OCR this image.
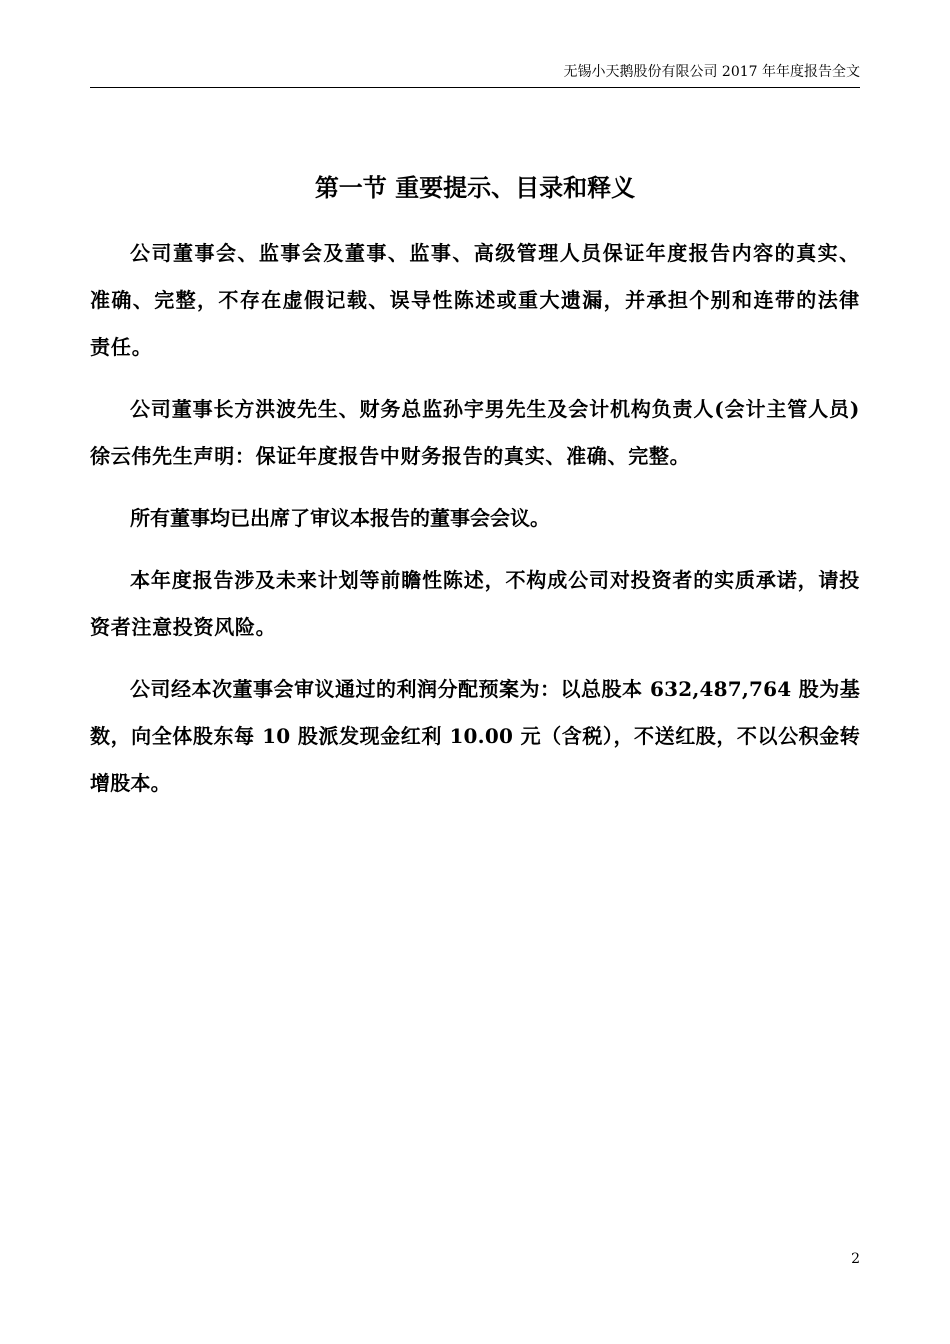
无锡小天鹅股份有限公司 2017 年年度报告全文
第一节 重要提示、目录和释义

公司董事会、监事会及董事、监事、高级管理人员保证年度报告内容的真实、准确、完整，不存在虚假记载、误导性陈述或重大遗漏，并承担个别和连带的法律责任。

公司董事长方洪波先生、财务总监孙宇男先生及会计机构负责人(会计主管人员)徐云伟先生声明：保证年度报告中财务报告的真实、准确、完整。

所有董事均已出席了审议本报告的董事会会议。

本年度报告涉及未来计划等前瞻性陈述，不构成公司对投资者的实质承诺，请投资者注意投资风险。

公司经本次董事会审议通过的利润分配预案为：以总股本 632,487,764 股为基数，向全体股东每 10 股派发现金红利 10.00 元（含税），不送红股，不以公积金转增股本。

2
